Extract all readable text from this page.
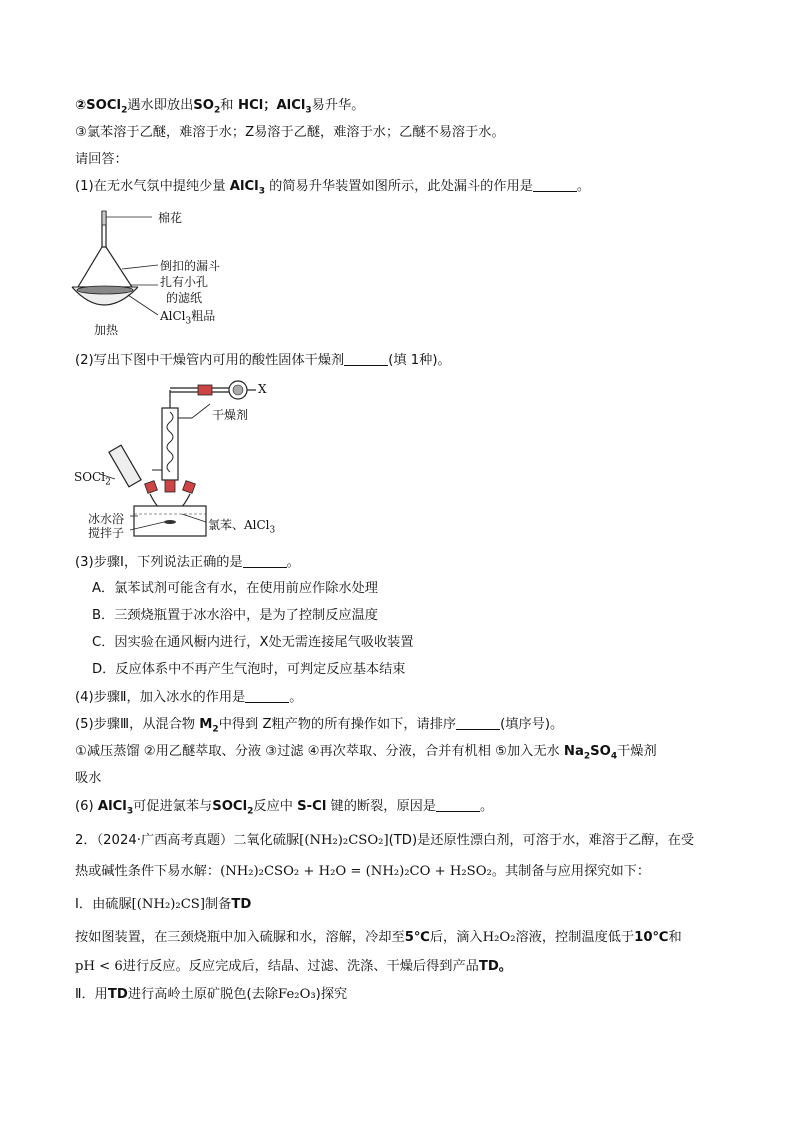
②SOCl$_2$遇水即放出$SO_2$和 HCl；AlCl$_3$易升华。
③氯苯溶于乙醚，难溶于水；Z易溶于乙醚，难溶于水；乙醚不易溶于水。
请回答：
(1)在无水气氛中提纯少量 AlCl$_3$ 的简易升华装置如图所示，此处漏斗的作用是	。
棉花
倒扣的漏斗
扎有小孔
的滤纸
AlCl$_3$粗品
加热
(2)写出下图中干燥管内可用的酸性固体干燥剂	(填 1种)。
X
干燥剂
SOCl$_2$
冰水浴
搅拌子
氯苯、AlCl$_3$
(3)步骤Ⅰ，下列说法正确的是	。
A．氯苯试剂可能含有水，在使用前应作除水处理
B．三颈烧瓶置于冰水浴中，是为了控制反应温度
C．因实验在通风橱内进行，X处无需连接尾气吸收装置
D．反应体系中不再产生气泡时，可判定反应基本结束
(4)步骤Ⅱ，加入冰水的作用是	。
(5)步骤Ⅲ，从混合物 $M_2$中得到 Z粗产物的所有操作如下，请排序	(填序号)。
①减压蒸馏 ②用乙醚萃取、分液 ③过滤 ④再次萃取、分液，合并有机相 ⑤加入无水 $Na_2SO_4$干燥剂
吸水
(6) AlCl$_3$可促进氯苯与SOCl$_2$反应中 S-Cl 键的断裂，原因是	。
2．（2024·广西高考真题）二氧化硫脲[(NH₂)₂CSO₂](TD)是还原性漂白剂，可溶于水，难溶于乙醇，在受
热或碱性条件下易水解：(NH₂)₂CSO₂ + H₂O = (NH₂)₂CO + H₂SO₂。其制备与应用探究如下：
Ⅰ．由硫脲[(NH₂)₂CS]制备TD
按如图装置，在三颈烧瓶中加入硫脲和水，溶解，冷却至5℃后，滴入H₂O₂溶液，控制温度低于10℃和
pH < 6进行反应。反应完成后，结晶、过滤、洗涤、干燥后得到产品TD。
Ⅱ．用TD进行高岭土原矿脱色(去除Fe₂O₃)探究
